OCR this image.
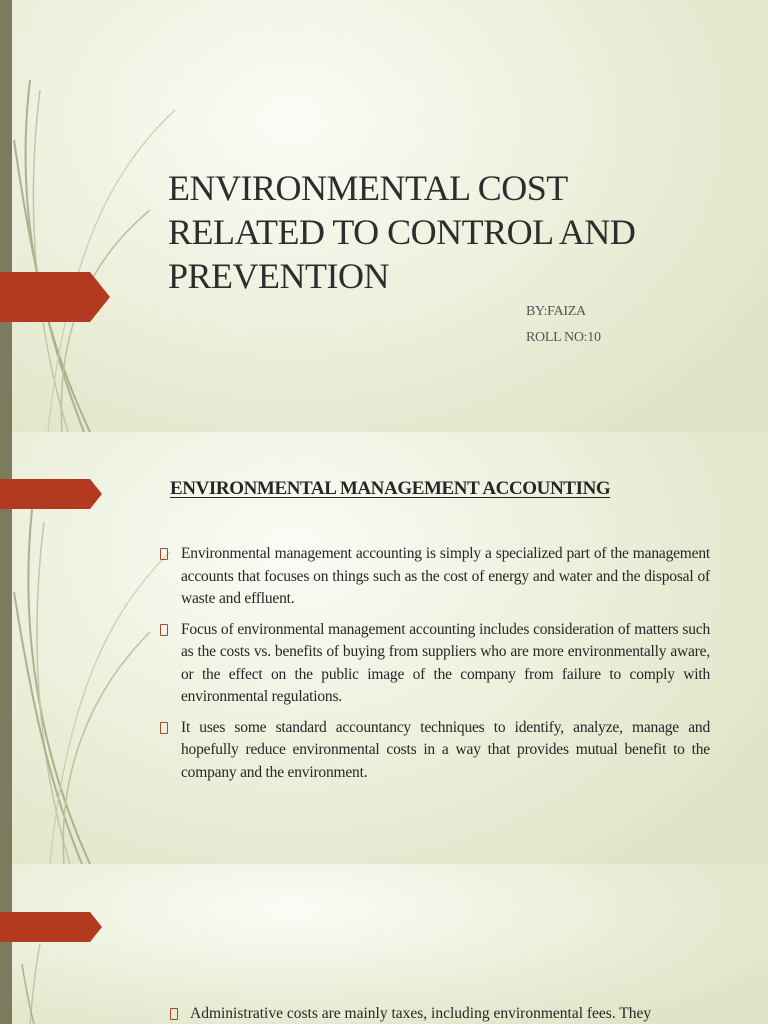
ENVIRONMENTAL COST RELATED TO CONTROL AND PREVENTION

BY:FAIZA

ROLL NO:10

ENVIRONMENTAL MANAGEMENT ACCOUNTING
Environmental management accounting is simply a specialized part of the management accounts that focuses on things such as the cost of energy and water and the disposal of waste and effluent.
Focus of environmental management accounting includes consideration of matters such as the costs vs. benefits of buying from suppliers who are more environmentally aware, or the effect on the public image of the company from failure to comply with environmental regulations.
It uses some standard accountancy techniques to identify, analyze, manage and hopefully reduce environmental costs in a way that provides mutual benefit to the company and the environment.

Administrative costs are mainly taxes, including environmental fees. They
